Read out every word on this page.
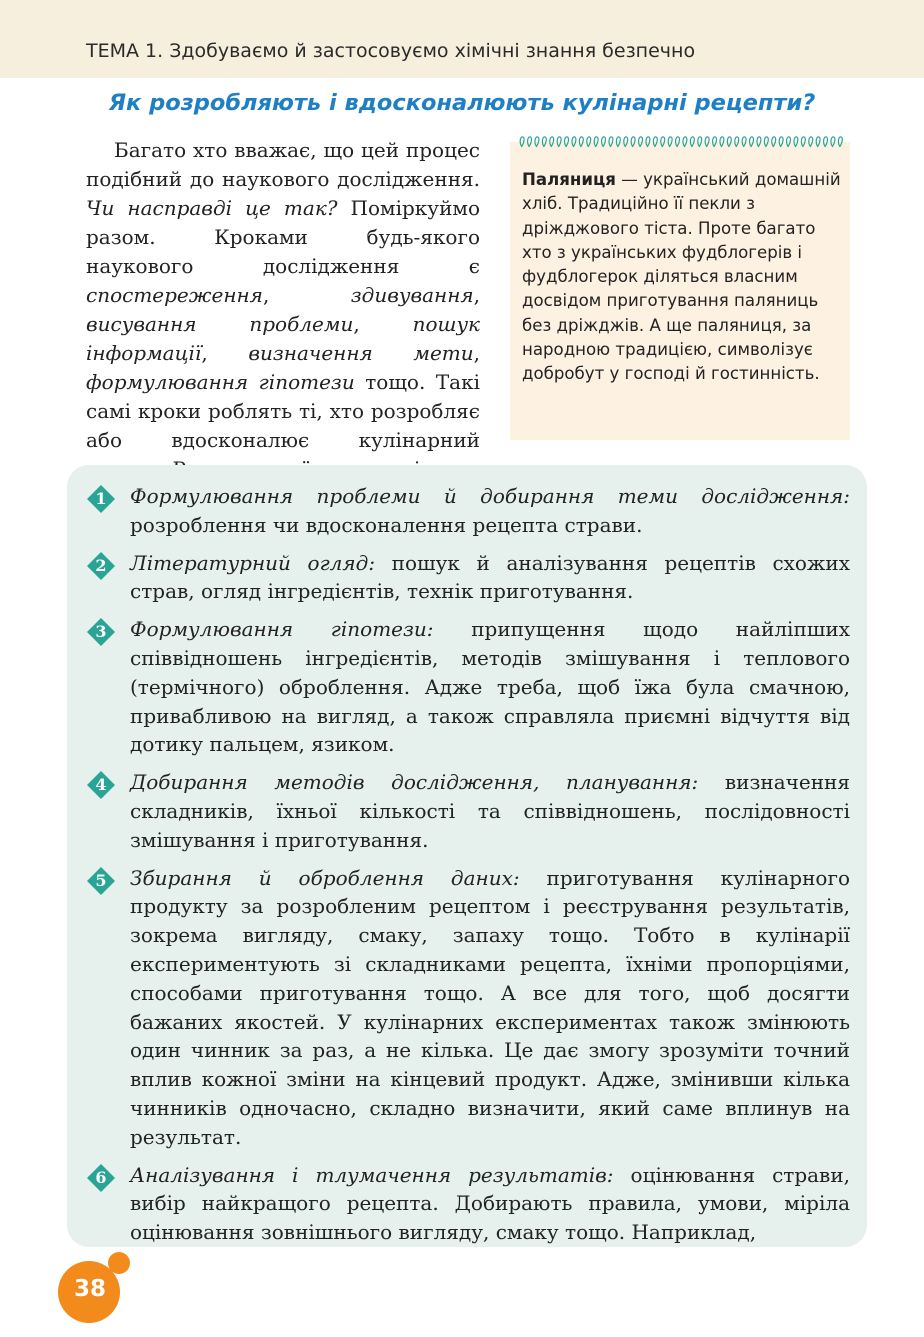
ТЕМА 1. Здобуваємо й застосовуємо хімічні знання безпечно
Як розробляють і вдосконалюють кулінарні рецепти?

Багато хто вважає, що цей процес подібний до наукового дослідження. Чи насправді це так? Поміркуймо разом. Кроками будь-якого наукового дослідження є спостереження, здивування, висування проблеми, пошук інформації, визначення мети, формулювання гіпотези тощо. Такі самі кроки роблять ті, хто розробляє або вдосконалює кулінарний

Паляниця — український домашній хліб. Традиційно її пекли з дріжджового тіста. Проте багато хто з українських фудблогерів і фудблогерок діляться власним досвідом приготування паляниць без дріжджів. А ще паляниця, за народною традицією, символізує добробут у господі й гостинність.

1	Формулювання проблеми й добирання теми дослідження: розроблення чи вдосконалення рецепта страви.
2	Літературний огляд: пошук й аналізування рецептів схожих страв, огляд інгредієнтів, технік приготування.
3	Формулювання гіпотези: припущення щодо найліпших співвідношень інгредієнтів, методів змішування і теплового (термічного) оброблення. Адже треба, щоб їжа була смачною, привабливою на вигляд, а також справляла приємні відчуття від дотику пальцем, язиком.
4	Добирання методів дослідження, планування: визначення складників, їхньої кількості та співвідношень, послідовності змішування і приготування.
5	Збирання й оброблення даних: приготування кулінарного продукту за розробленим рецептом і реєстрування результатів, зокрема вигляду, смаку, запаху тощо. Тобто в кулінарії експериментують зі складниками рецепта, їхніми пропорціями, способами приготування тощо. А все для того, щоб досягти бажаних якостей. У кулінарних експериментах також змінюють один чинник за раз, а не кілька. Це дає змогу зрозуміти точний вплив кожної зміни на кінцевий продукт. Адже, змінивши кілька чинників одночасно, складно визначити, який саме вплинув на результат.
6	Аналізування і тлумачення результатів: оцінювання страви, вибір найкращого рецепта. Добирають правила, умови, міріла оцінювання зовнішнього вигляду, смаку тощо. Наприклад,
38
